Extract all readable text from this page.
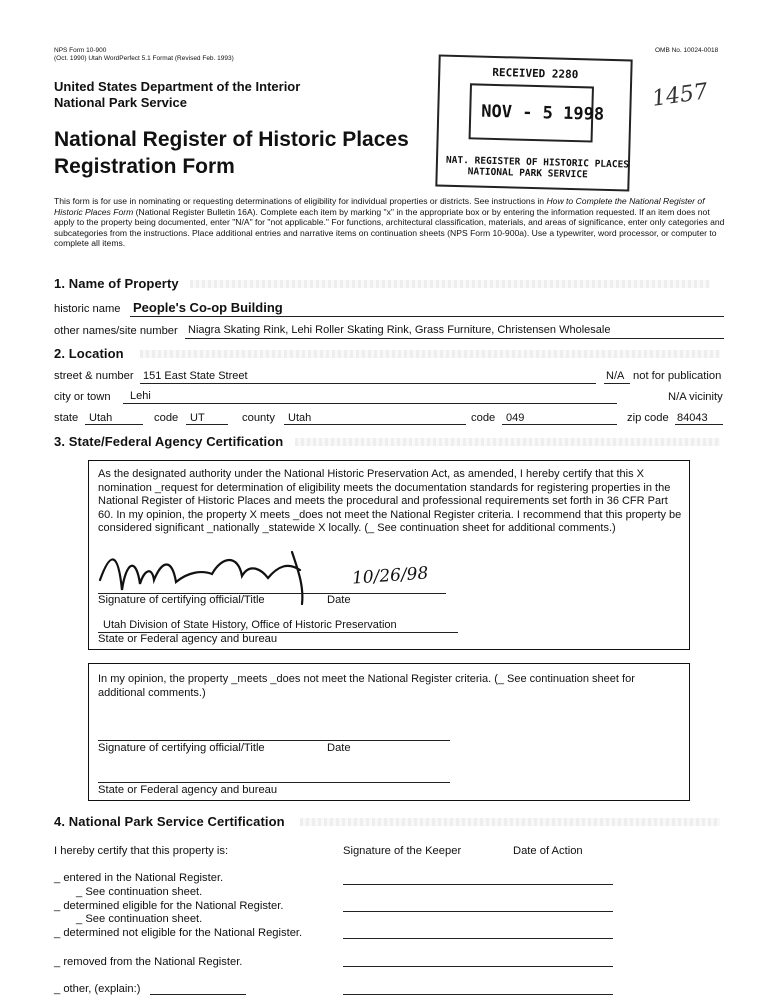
NPS Form 10-900
(Oct. 1990) Utah WordPerfect 5.1 Format (Revised Feb. 1993)
OMB No. 10024-0018
United States Department of the Interior
National Park Service
National Register of Historic Places
Registration Form
1457
RECEIVED 2280
NOV - 5 1998
NAT. REGISTER OF HISTORIC PLACES
NATIONAL PARK SERVICE
This form is for use in nominating or requesting determinations of eligibility for individual properties or districts. See instructions in How to Complete the National Register of Historic Places Form (National Register Bulletin 16A). Complete each item by marking "x" in the appropriate box or by entering the information requested. If an item does not apply to the property being documented, enter "N/A" for "not applicable." For functions, architectural classification, materials, and areas of significance, enter only categories and subcategories from the instructions. Place additional entries and narrative items on continuation sheets (NPS Form 10-900a). Use a typewriter, word processor, or computer to complete all items.
1. Name of Property
historic name People's Co-op Building
other names/site number Niagra Skating Rink, Lehi Roller Skating Rink, Grass Furniture, Christensen Wholesale
2. Location
street & number 151 East State Street	N/A not for publication
city or town Lehi	N/A vicinity
state Utah	code UT	county Utah	code 049	zip code 84043
3. State/Federal Agency Certification
As the designated authority under the National Historic Preservation Act, as amended, I hereby certify that this X nomination _request for determination of eligibility meets the documentation standards for registering properties in the National Register of Historic Places and meets the procedural and professional requirements set forth in 36 CFR Part 60. In my opinion, the property X meets _does not meet the National Register criteria. I recommend that this property be considered significant _nationally _statewide X locally. (_ See continuation sheet for additional comments.)
10/26/98
Signature of certifying official/Title	Date
Utah Division of State History, Office of Historic Preservation
State or Federal agency and bureau
In my opinion, the property _meets _does not meet the National Register criteria. (_ See continuation sheet for additional comments.)
Signature of certifying official/Title	Date
State or Federal agency and bureau
4. National Park Service Certification
I hereby certify that this property is:	Signature of the Keeper	Date of Action
_ entered in the National Register.
_ See continuation sheet.
_ determined eligible for the National Register.
_ See continuation sheet.
_ determined not eligible for the National Register.
_ removed from the National Register.
_ other, (explain:)
